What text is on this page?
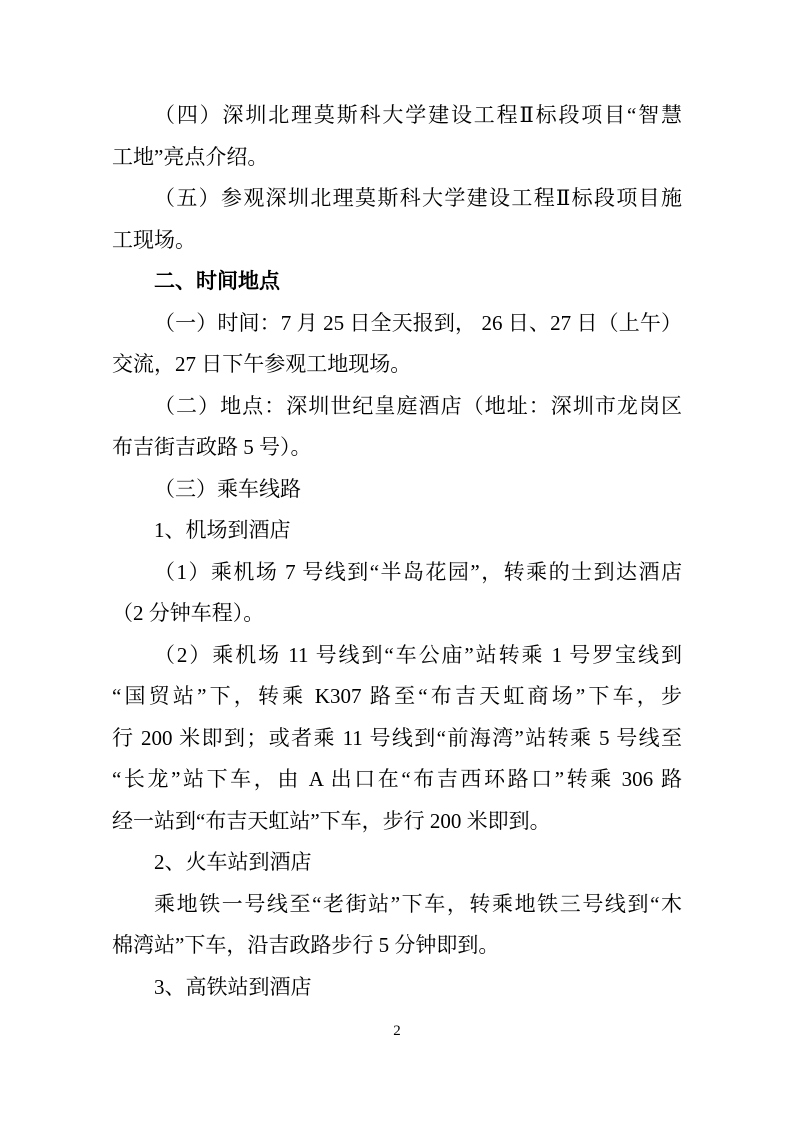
（四）深圳北理莫斯科大学建设工程Ⅱ标段项目“智慧
工地”亮点介绍。
（五）参观深圳北理莫斯科大学建设工程Ⅱ标段项目施
工现场。
二、时间地点
（一）时间：7 月 25 日全天报到， 26 日、27 日（上午）
交流，27 日下午参观工地现场。
（二）地点：深圳世纪皇庭酒店（地址：深圳市龙岗区
布吉街吉政路 5 号）。
（三）乘车线路
1、机场到酒店
（1）乘机场 7 号线到“半岛花园”，转乘的士到达酒店
（2 分钟车程）。
（2）乘机场 11 号线到“车公庙”站转乘 1 号罗宝线到
“国贸站”下，转乘 K307 路至“布吉天虹商场”下车，步
行 200 米即到；或者乘 11 号线到“前海湾”站转乘 5 号线至
“长龙”站下车，由 A 出口在“布吉西环路口”转乘 306 路
经一站到“布吉天虹站”下车，步行 200 米即到。
2、火车站到酒店
乘地铁一号线至“老街站”下车，转乘地铁三号线到“木
棉湾站”下车，沿吉政路步行 5 分钟即到。
3、高铁站到酒店
2
